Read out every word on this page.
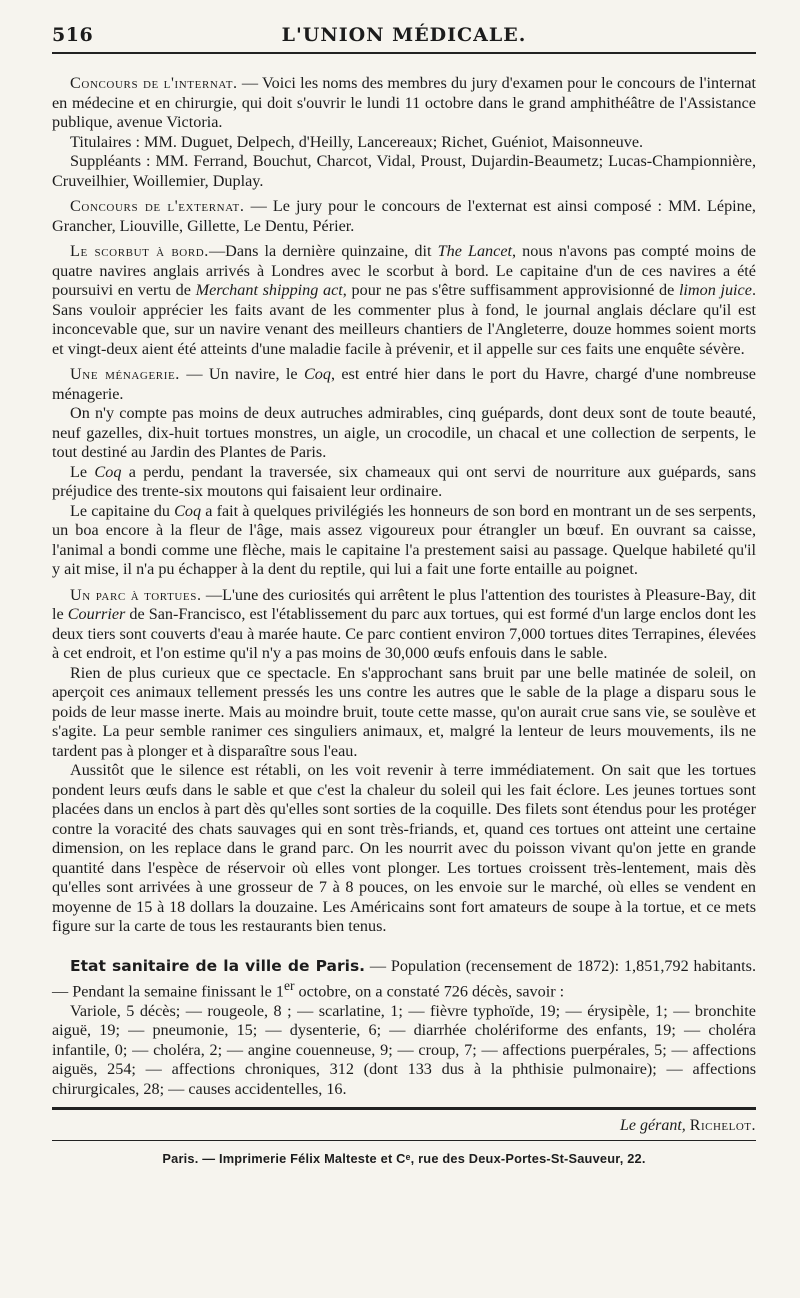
516	L'UNION MÉDICALE.

Concours de l'internat. — Voici les noms des membres du jury d'examen pour le concours de l'internat en médecine et en chirurgie, qui doit s'ouvrir le lundi 11 octobre dans le grand amphithéâtre de l'Assistance publique, avenue Victoria.

Titulaires : MM. Duguet, Delpech, d'Heilly, Lancereaux; Richet, Guéniot, Maisonneuve.

Suppléants : MM. Ferrand, Bouchut, Charcot, Vidal, Proust, Dujardin-Beaumetz; Lucas-Championnière, Cruveilhier, Woillemier, Duplay.

Concours de l'externat. — Le jury pour le concours de l'externat est ainsi composé : MM. Lépine, Grancher, Liouville, Gillette, Le Dentu, Périer.

Le scorbut à bord.—Dans la dernière quinzaine, dit The Lancet, nous n'avons pas compté moins de quatre navires anglais arrivés à Londres avec le scorbut à bord. Le capitaine d'un de ces navires a été poursuivi en vertu de Merchant shipping act, pour ne pas s'être suffisamment approvisionné de limon juice. Sans vouloir apprécier les faits avant de les commenter plus à fond, le journal anglais déclare qu'il est inconcevable que, sur un navire venant des meilleurs chantiers de l'Angleterre, douze hommes soient morts et vingt-deux aient été atteints d'une maladie facile à prévenir, et il appelle sur ces faits une enquête sévère.

Une ménagerie. — Un navire, le Coq, est entré hier dans le port du Havre, chargé d'une nombreuse ménagerie.

On n'y compte pas moins de deux autruches admirables, cinq guépards, dont deux sont de toute beauté, neuf gazelles, dix-huit tortues monstres, un aigle, un crocodile, un chacal et une collection de serpents, le tout destiné au Jardin des Plantes de Paris.

Le Coq a perdu, pendant la traversée, six chameaux qui ont servi de nourriture aux guépards, sans préjudice des trente-six moutons qui faisaient leur ordinaire.

Le capitaine du Coq a fait à quelques privilégiés les honneurs de son bord en montrant un de ses serpents, un boa encore à la fleur de l'âge, mais assez vigoureux pour étrangler un bœuf. En ouvrant sa caisse, l'animal a bondi comme une flèche, mais le capitaine l'a prestement saisi au passage. Quelque habileté qu'il y ait mise, il n'a pu échapper à la dent du reptile, qui lui a fait une forte entaille au poignet.

Un parc à tortues. —L'une des curiosités qui arrêtent le plus l'attention des touristes à Pleasure-Bay, dit le Courrier de San-Francisco, est l'établissement du parc aux tortues, qui est formé d'un large enclos dont les deux tiers sont couverts d'eau à marée haute. Ce parc contient environ 7,000 tortues dites Terrapines, élevées à cet endroit, et l'on estime qu'il n'y a pas moins de 30,000 œufs enfouis dans le sable.

Rien de plus curieux que ce spectacle. En s'approchant sans bruit par une belle matinée de soleil, on aperçoit ces animaux tellement pressés les uns contre les autres que le sable de la plage a disparu sous le poids de leur masse inerte. Mais au moindre bruit, toute cette masse, qu'on aurait crue sans vie, se soulève et s'agite. La peur semble ranimer ces singuliers animaux, et, malgré la lenteur de leurs mouvements, ils ne tardent pas à plonger et à disparaître sous l'eau.

Aussitôt que le silence est rétabli, on les voit revenir à terre immédiatement. On sait que les tortues pondent leurs œufs dans le sable et que c'est la chaleur du soleil qui les fait éclore. Les jeunes tortues sont placées dans un enclos à part dès qu'elles sont sorties de la coquille. Des filets sont étendus pour les protéger contre la voracité des chats sauvages qui en sont très-friands, et, quand ces tortues ont atteint une certaine dimension, on les replace dans le grand parc. On les nourrit avec du poisson vivant qu'on jette en grande quantité dans l'espèce de réservoir où elles vont plonger. Les tortues croissent très-lentement, mais dès qu'elles sont arrivées à une grosseur de 7 à 8 pouces, on les envoie sur le marché, où elles se vendent en moyenne de 15 à 18 dollars la douzaine. Les Américains sont fort amateurs de soupe à la tortue, et ce mets figure sur la carte de tous les restaurants bien tenus.

Etat sanitaire de la ville de Paris. — Population (recensement de 1872): 1,851,792 habitants. — Pendant la semaine finissant le 1er octobre, on a constaté 726 décès, savoir :

Variole, 5 décès; — rougeole, 8 ; — scarlatine, 1; — fièvre typhoïde, 19; — érysipèle, 1; — bronchite aiguë, 19; — pneumonie, 15; — dysenterie, 6; — diarrhée cholériforme des enfants, 19; — choléra infantile, 0; — choléra, 2; — angine couenneuse, 9; — croup, 7; — affections puerpérales, 5; — affections aiguës, 254; — affections chroniques, 312 (dont 133 dus à la phthisie pulmonaire); — affections chirurgicales, 28; — causes accidentelles, 16.

Le gérant, Richelot.
Paris. — Imprimerie Félix Malteste et Cᵉ, rue des Deux-Portes-St-Sauveur, 22.
